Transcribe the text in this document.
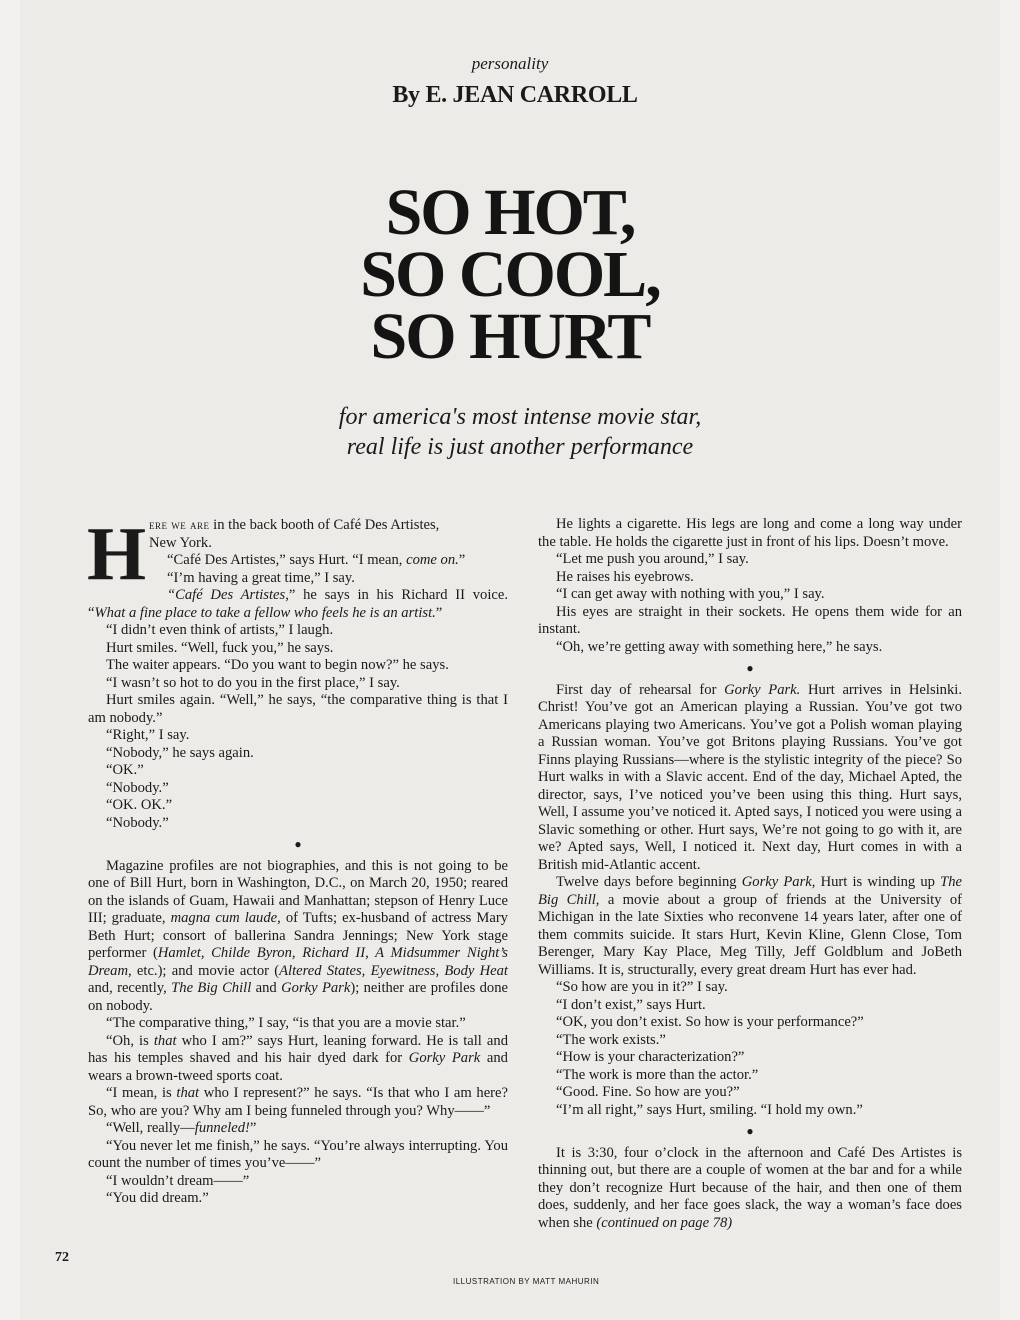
personality
By E. JEAN CARROLL
SO HOT,
SO COOL,
SO HURT
for america's most intense movie star,
real life is just another performance
H ere we are in the back booth of Café Des Artistes,

New York.

“Café Des Artistes,” says Hurt. “I mean, come on.”

“I’m having a great time,” I say.

“Café Des Artistes,” he says in his Richard II voice. “What a fine place to take a fellow who feels he is an artist.”

“I didn’t even think of artists,” I laugh.

Hurt smiles. “Well, fuck you,” he says.

The waiter appears. “Do you want to begin now?” he says.

“I wasn’t so hot to do you in the first place,” I say.

Hurt smiles again. “Well,” he says, “the comparative thing is that I am nobody.”

“Right,” I say.

“Nobody,” he says again.

“OK.”

“Nobody.”

“OK. OK.”

“Nobody.”

●

Magazine profiles are not biographies, and this is not going to be one of Bill Hurt, born in Washington, D.C., on March 20, 1950; reared on the islands of Guam, Hawaii and Manhattan; stepson of Henry Luce III; graduate, magna cum laude, of Tufts; ex-husband of actress Mary Beth Hurt; consort of ballerina Sandra Jennings; New York stage performer (Hamlet, Childe Byron, Richard II, A Midsummer Night’s Dream, etc.); and movie actor (Altered States, Eyewitness, Body Heat and, recently, The Big Chill and Gorky Park); neither are profiles done on nobody.

“The comparative thing,” I say, “is that you are a movie star.”

“Oh, is that who I am?” says Hurt, leaning forward. He is tall and has his temples shaved and his hair dyed dark for Gorky Park and wears a brown-tweed sports coat.

“I mean, is that who I represent?” he says. “Is that who I am here? So, who are you? Why am I being funneled through you? Why——”

“Well, really—funneled!”

“You never let me finish,” he says. “You’re always interrupting. You count the number of times you’ve——”

“I wouldn’t dream——”

“You did dream.”

He lights a cigarette. His legs are long and come a long way under the table. He holds the cigarette just in front of his lips. Doesn’t move.

“Let me push you around,” I say.

He raises his eyebrows.

“I can get away with nothing with you,” I say.

His eyes are straight in their sockets. He opens them wide for an instant.

“Oh, we’re getting away with something here,” he says.

●

First day of rehearsal for Gorky Park. Hurt arrives in Helsinki. Christ! You’ve got an American playing a Russian. You’ve got two Americans playing two Americans. You’ve got a Polish woman playing a Russian woman. You’ve got Britons playing Russians. You’ve got Finns playing Russians—where is the stylistic integrity of the piece? So Hurt walks in with a Slavic accent. End of the day, Michael Apted, the director, says, I’ve noticed you’ve been using this thing. Hurt says, Well, I assume you’ve noticed it. Apted says, I noticed you were using a Slavic something or other. Hurt says, We’re not going to go with it, are we? Apted says, Well, I noticed it. Next day, Hurt comes in with a British mid-Atlantic accent.

Twelve days before beginning Gorky Park, Hurt is winding up The Big Chill, a movie about a group of friends at the University of Michigan in the late Sixties who reconvene 14 years later, after one of them commits suicide. It stars Hurt, Kevin Kline, Glenn Close, Tom Berenger, Mary Kay Place, Meg Tilly, Jeff Goldblum and JoBeth Williams. It is, structurally, every great dream Hurt has ever had.

“So how are you in it?” I say.

“I don’t exist,” says Hurt.

“OK, you don’t exist. So how is your performance?”

“The work exists.”

“How is your characterization?”

“The work is more than the actor.”

“Good. Fine. So how are you?”

“I’m all right,” says Hurt, smiling. “I hold my own.”

●

It is 3:30, four o’clock in the afternoon and Café Des Artistes is thinning out, but there are a couple of women at the bar and for a while they don’t recognize Hurt because of the hair, and then one of them does, suddenly, and her face goes slack, the way a woman’s face does when she (continued on page 78)

72
ILLUSTRATION BY MATT MAHURIN
